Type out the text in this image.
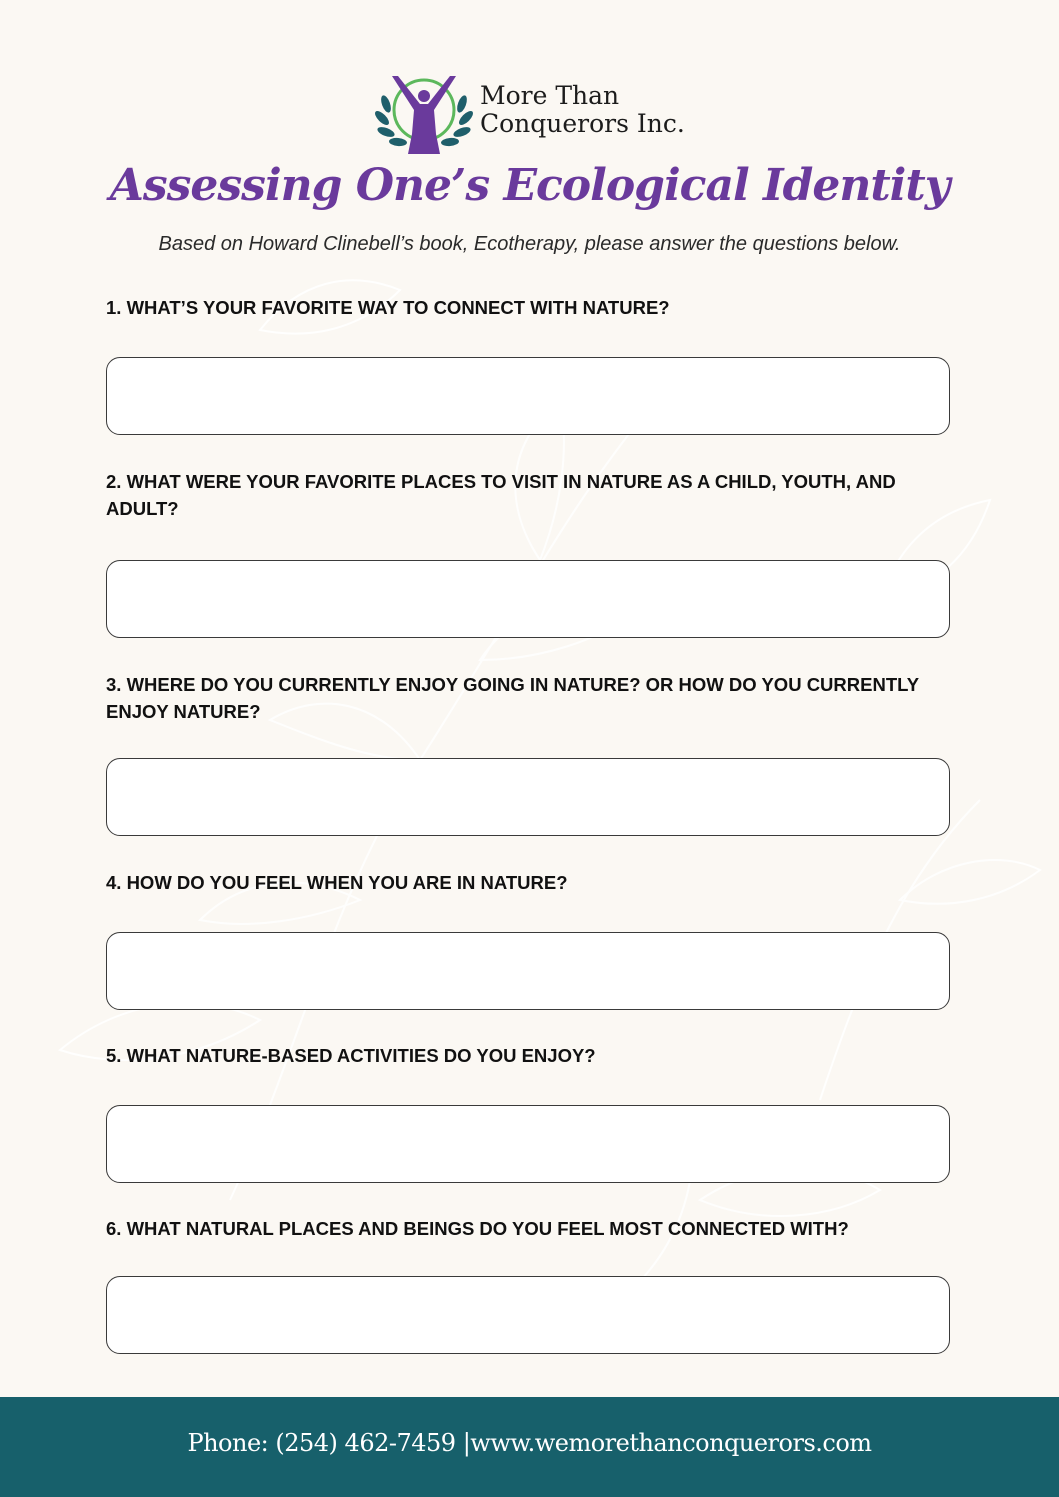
More Than
Conquerors Inc.
Assessing One’s Ecological Identity
Based on Howard Clinebell’s book, Ecotherapy, please answer the questions below.
1. WHAT’S YOUR FAVORITE WAY TO CONNECT WITH NATURE?
2. WHAT WERE YOUR FAVORITE PLACES TO VISIT IN NATURE AS A CHILD, YOUTH, AND ADULT?
3. WHERE DO YOU CURRENTLY ENJOY GOING IN NATURE? OR HOW DO YOU CURRENTLY ENJOY NATURE?
4. HOW DO YOU FEEL WHEN YOU ARE IN NATURE?
5. WHAT NATURE-BASED ACTIVITIES DO YOU ENJOY?
6. WHAT NATURAL PLACES AND BEINGS DO YOU FEEL MOST CONNECTED WITH?
Phone: (254) 462-7459 |www.wemorethanconquerors.com
